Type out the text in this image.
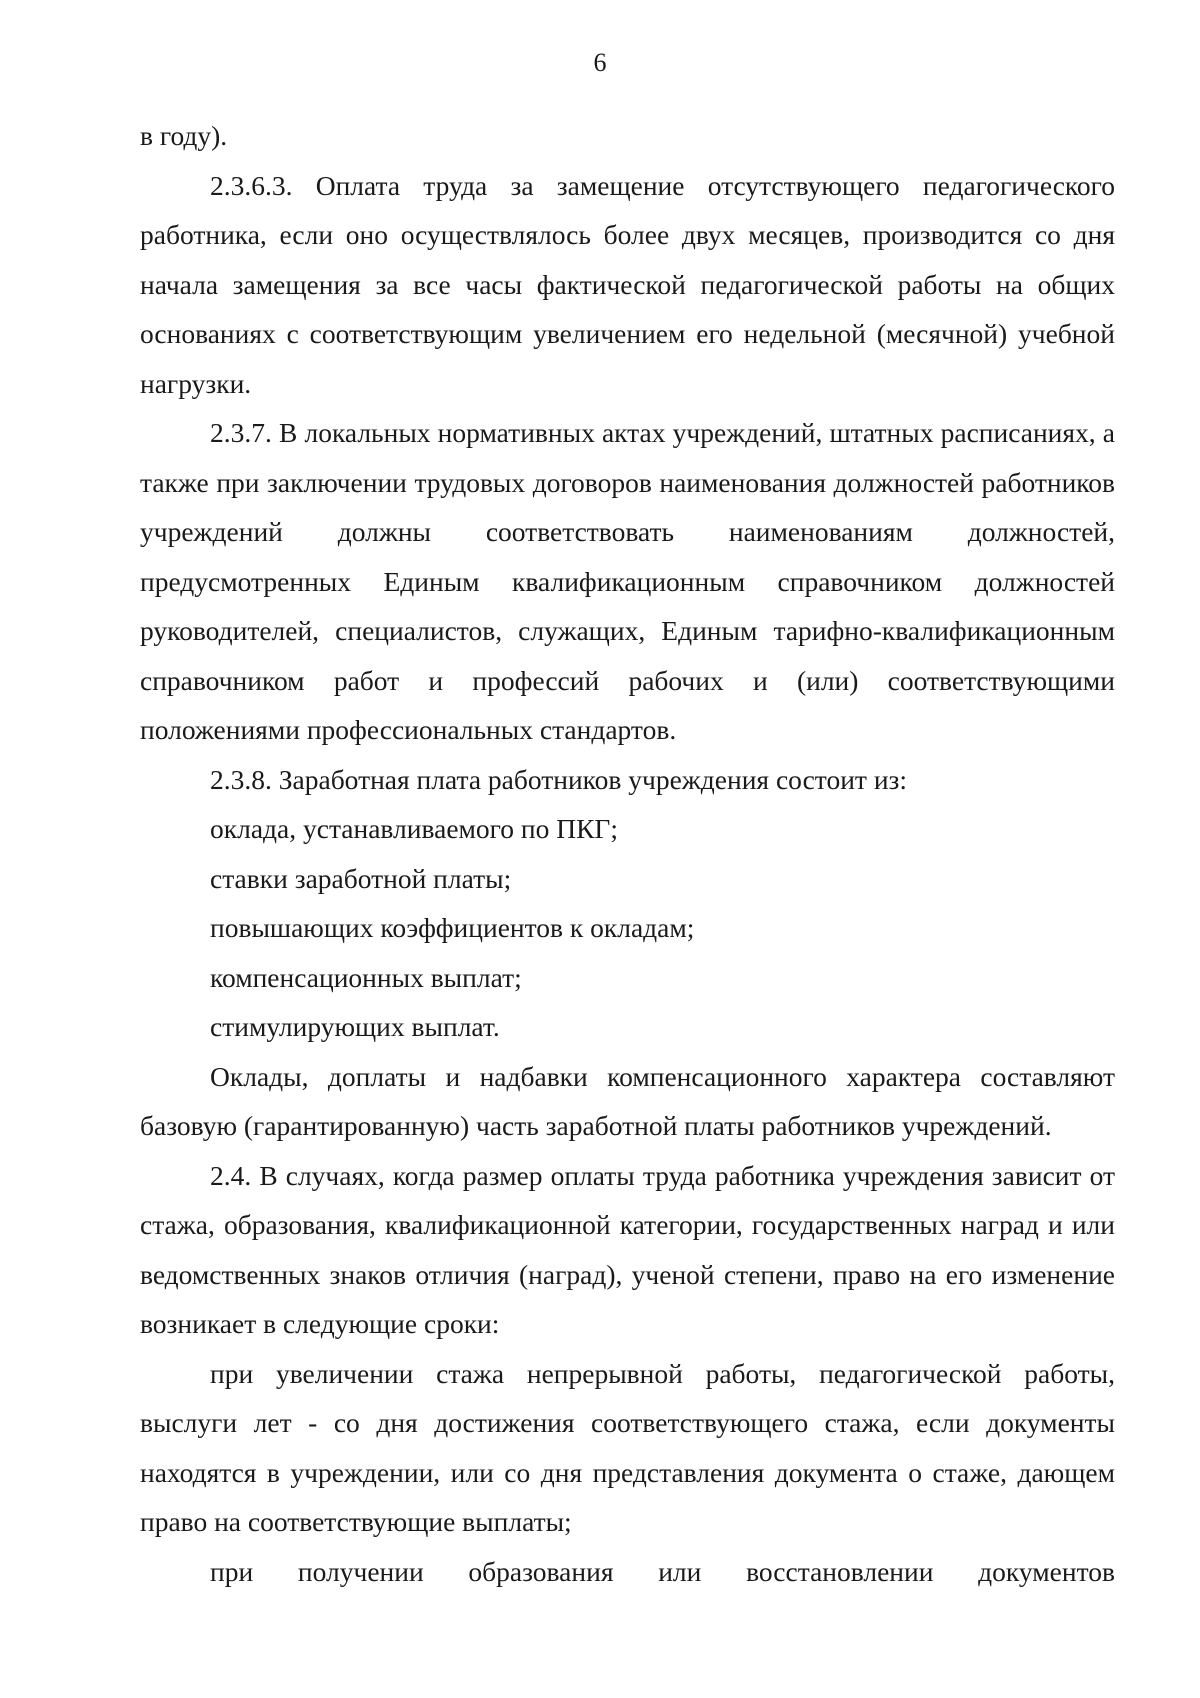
6

в году).

2.3.6.3. Оплата труда за замещение отсутствующего педагогического работника, если оно осуществлялось более двух месяцев, производится со дня начала замещения за все часы фактической педагогической работы на общих основаниях с соответствующим увеличением его недельной (месячной) учебной нагрузки.

2.3.7. В локальных нормативных актах учреждений, штатных расписаниях, а также при заключении трудовых договоров наименования должностей работников учреждений должны соответствовать наименованиям должностей, предусмотренных Единым квалификационным справочником должностей руководителей, специалистов, служащих, Единым тарифно-квалификационным справочником работ и профессий рабочих и (или) соответствующими положениями профессиональных стандартов.

2.3.8. Заработная плата работников учреждения состоит из:

оклада, устанавливаемого по ПКГ;

ставки заработной платы;

повышающих коэффициентов к окладам;

компенсационных выплат;

стимулирующих выплат.

Оклады, доплаты и надбавки компенсационного характера составляют базовую (гарантированную) часть заработной платы работников учреждений.

2.4. В случаях, когда размер оплаты труда работника учреждения зависит от стажа, образования, квалификационной категории, государственных наград и или ведомственных знаков отличия (наград), ученой степени, право на его изменение возникает в следующие сроки:

при увеличении стажа непрерывной работы, педагогической работы, выслуги лет - со дня достижения соответствующего стажа, если документы находятся в учреждении, или со дня представления документа о стаже, дающем право на соответствующие выплаты;

при получении образования или восстановлении документов
